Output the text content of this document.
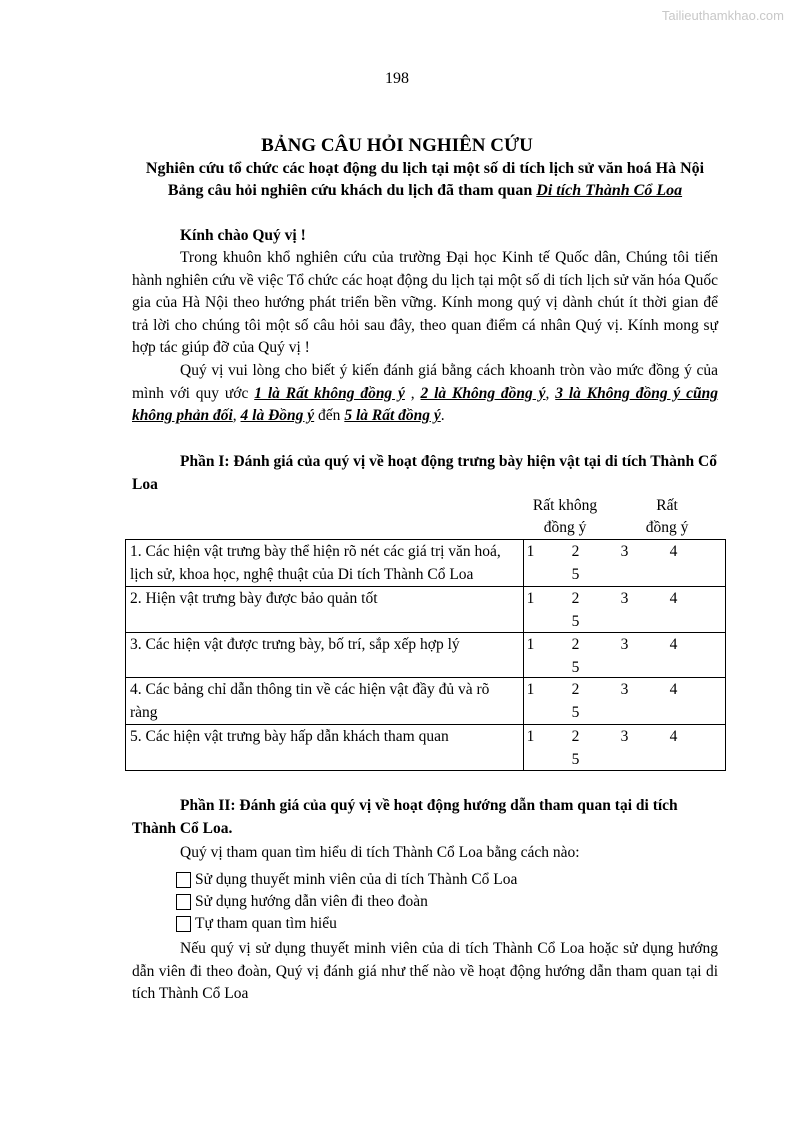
Tailieuthamkhao.com
198
BẢNG CÂU HỎI NGHIÊN CỨU
Nghiên cứu tổ chức các hoạt động du lịch tại một số di tích lịch sử văn hoá Hà Nội
Bảng câu hỏi nghiên cứu khách du lịch đã tham quan Di tích Thành Cổ Loa
Kính chào Quý vị !
Trong khuôn khổ nghiên cứu của trường Đại học Kinh tế Quốc dân, Chúng tôi tiến hành nghiên cứu về việc Tổ chức các hoạt động du lịch tại một số di tích lịch sử văn hóa Quốc gia của Hà Nội theo hướng phát triển bền vững. Kính mong quý vị dành chút ít thời gian để trả lời cho chúng tôi một số câu hỏi sau đây, theo quan điểm cá nhân Quý vị. Kính mong sự hợp tác giúp đỡ của Quý vị !
Quý vị vui lòng cho biết ý kiến đánh giá bằng cách khoanh tròn vào mức đồng ý của mình với quy ước 1 là Rất không đồng ý , 2 là Không đồng ý, 3 là Không đồng ý cũng không phản đối, 4 là Đồng ý đến 5 là Rất đồng ý.
Phần I: Đánh giá của quý vị về hoạt động trưng bày hiện vật tại di tích Thành Cổ Loa
Rất không
đồng ý
Rất
đồng ý
1. Các hiện vật trưng bày thể hiện rõ nét các giá trị văn hoá, lịch sử, khoa học, nghệ thuật của Di tích Thành Cổ Loa	1 2 3 4
5

2. Hiện vật trưng bày được bảo quản tốt	1 2 3 4
5

3. Các hiện vật được trưng bày, bố trí, sắp xếp hợp lý	1 2 3 4
5

4. Các bảng chỉ dẫn thông tin về các hiện vật đầy đủ và rõ ràng	1 2 3 4
5

5. Các hiện vật trưng bày hấp dẫn khách tham quan	1 2 3 4
5
Phần II: Đánh giá của quý vị về hoạt động hướng dẫn tham quan tại di tích Thành Cổ Loa.
Quý vị tham quan tìm hiểu di tích Thành Cổ Loa bằng cách nào:
Sử dụng thuyết minh viên của di tích Thành Cổ Loa
Sử dụng hướng dẫn viên đi theo đoàn
Tự tham quan tìm hiểu
Nếu quý vị sử dụng thuyết minh viên của di tích Thành Cổ Loa hoặc sử dụng hướng dẫn viên đi theo đoàn, Quý vị đánh giá như thế nào về hoạt động hướng dẫn tham quan tại di tích Thành Cổ Loa
